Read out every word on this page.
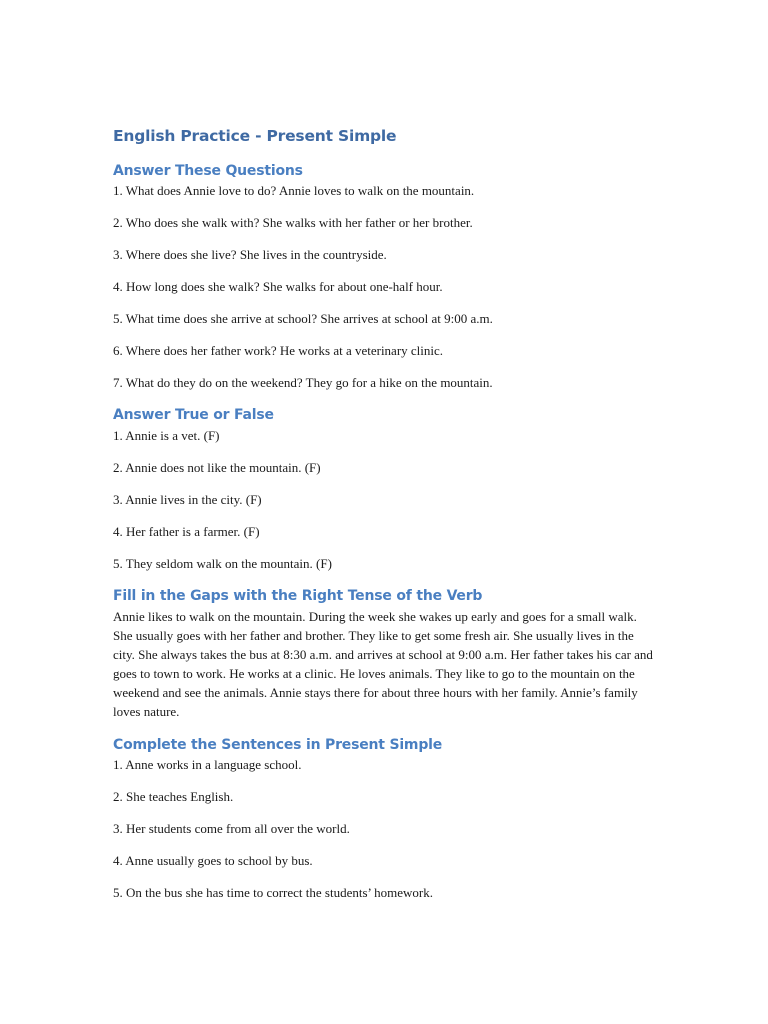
English Practice - Present Simple
Answer These Questions

1. What does Annie love to do? Annie loves to walk on the mountain.

2. Who does she walk with? She walks with her father or her brother.

3. Where does she live? She lives in the countryside.

4. How long does she walk? She walks for about one-half hour.

5. What time does she arrive at school? She arrives at school at 9:00 a.m.

6. Where does her father work? He works at a veterinary clinic.

7. What do they do on the weekend? They go for a hike on the mountain.

Answer True or False

1. Annie is a vet. (F)

2. Annie does not like the mountain. (F)

3. Annie lives in the city. (F)

4. Her father is a farmer. (F)

5. They seldom walk on the mountain. (F)

Fill in the Gaps with the Right Tense of the Verb

Annie likes to walk on the mountain. During the week she wakes up early and goes for a small walk. She usually goes with her father and brother. They like to get some fresh air. She usually lives in the city. She always takes the bus at 8:30 a.m. and arrives at school at 9:00 a.m. Her father takes his car and goes to town to work. He works at a clinic. He loves animals. They like to go to the mountain on the weekend and see the animals. Annie stays there for about three hours with her family. Annie’s family loves nature.

Complete the Sentences in Present Simple

1. Anne works in a language school.

2. She teaches English.

3. Her students come from all over the world.

4. Anne usually goes to school by bus.

5. On the bus she has time to correct the students’ homework.
